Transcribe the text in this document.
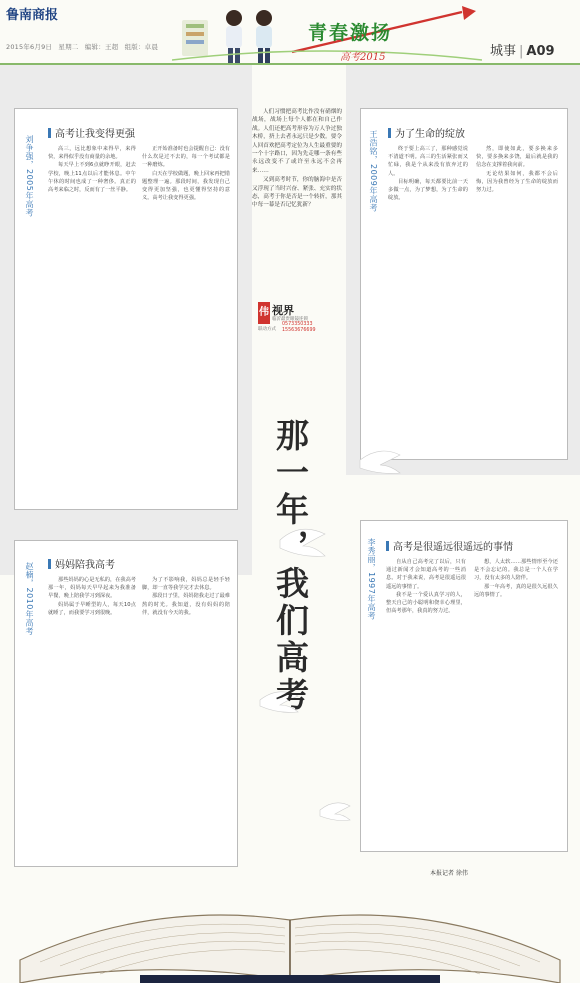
鲁南商报
2015年6月9日 星期二 编辑：王超 组版：卓晨
青春激扬
高考2015	城事 | A09
高考让我变得更强
刘争强，2005年高考	高三，远比想象中来得早，来得快，来得似乎没有商量的余地。

每天早上不到6点就睁开眼，赶去学校，晚上11点以后才能休息。中午午休的时间也成了一种奢侈。真正的高考来临之时，反而有了一丝平静。

正开始准备时也会提醒自己：没有什么坎是过不去的，每一个考试都是一种磨炼。

白天在学校做题，晚上回家再把错题整理一遍。那段时间，我发现自己变得更加坚强，也更懂得坚持的意义。高考让我变得更强。

为了生命的绽放
王浩铭，2009年高考	终于要上高三了，那种感觉说不清道不明。高三的生活紧张而又忙碌，我是个从来没有放弃过的人。

目标明确，每天都要比前一天多做一点，为了梦想，为了生命的绽放。

然，即使如此，要多换来多快，要多换来多饶，最后就是我的信念在支撑着我向前。

无论结果如何，我都不会后悔，因为我曾经为了生命的绽放而努力过。

人们习惯把高考比作没有硝烟的战场，战场上每个人都在和自己作战。人们还把高考形容为万人争过独木桥，挤上去者永远只是少数。要令人回首欢把高考定位为人生最重要的一个十字路口，因为先走哪一条有些永远改变不了或许至永远不会再来……

又到高考时节，你的脑海中是否又浮现了当时兴奋、紧张、充实的状态，高考于你是否是一个转折，那其中每一幕是否记忆犹新？

伟 视界
临沂最贵眼镜连锁
联动方式
0573350333
15563676699
那一年，我们高考
妈妈陪我高考
赵楠，2010年高考	那些妈妈的心是无私的，在我高考那一年，妈妈每天早早起来为我准备早餐，晚上陪我学习到深夜。

妈妈属于早睡型的人，每天10点就睡了，而我要学习到很晚。

为了不影响我，妈妈总是轻手轻脚，却一直等我学完才去休息。

那段日子里，妈妈陪我走过了最难熬的时光。我知道，没有妈妈的陪伴，就没有今天的我。

高考是很遥远很遥远的事情
李秀丽，1997年高考	自从自己高考完了以后，只有通过新闻才会知道高考的一些消息。对于我来说，高考是很遥远很遥远的事情了。

我不是一个爱认真学习的人，整天自己的小聪明和侥幸心理里，但高考那年，我真的努力过。

想，人太软……那些情形至今还是不会忘记的。我总是一个人在学习，没有太多的人陪伴。

那一年高考，真的是很久远很久远的事情了。

本报记者 徐伟
